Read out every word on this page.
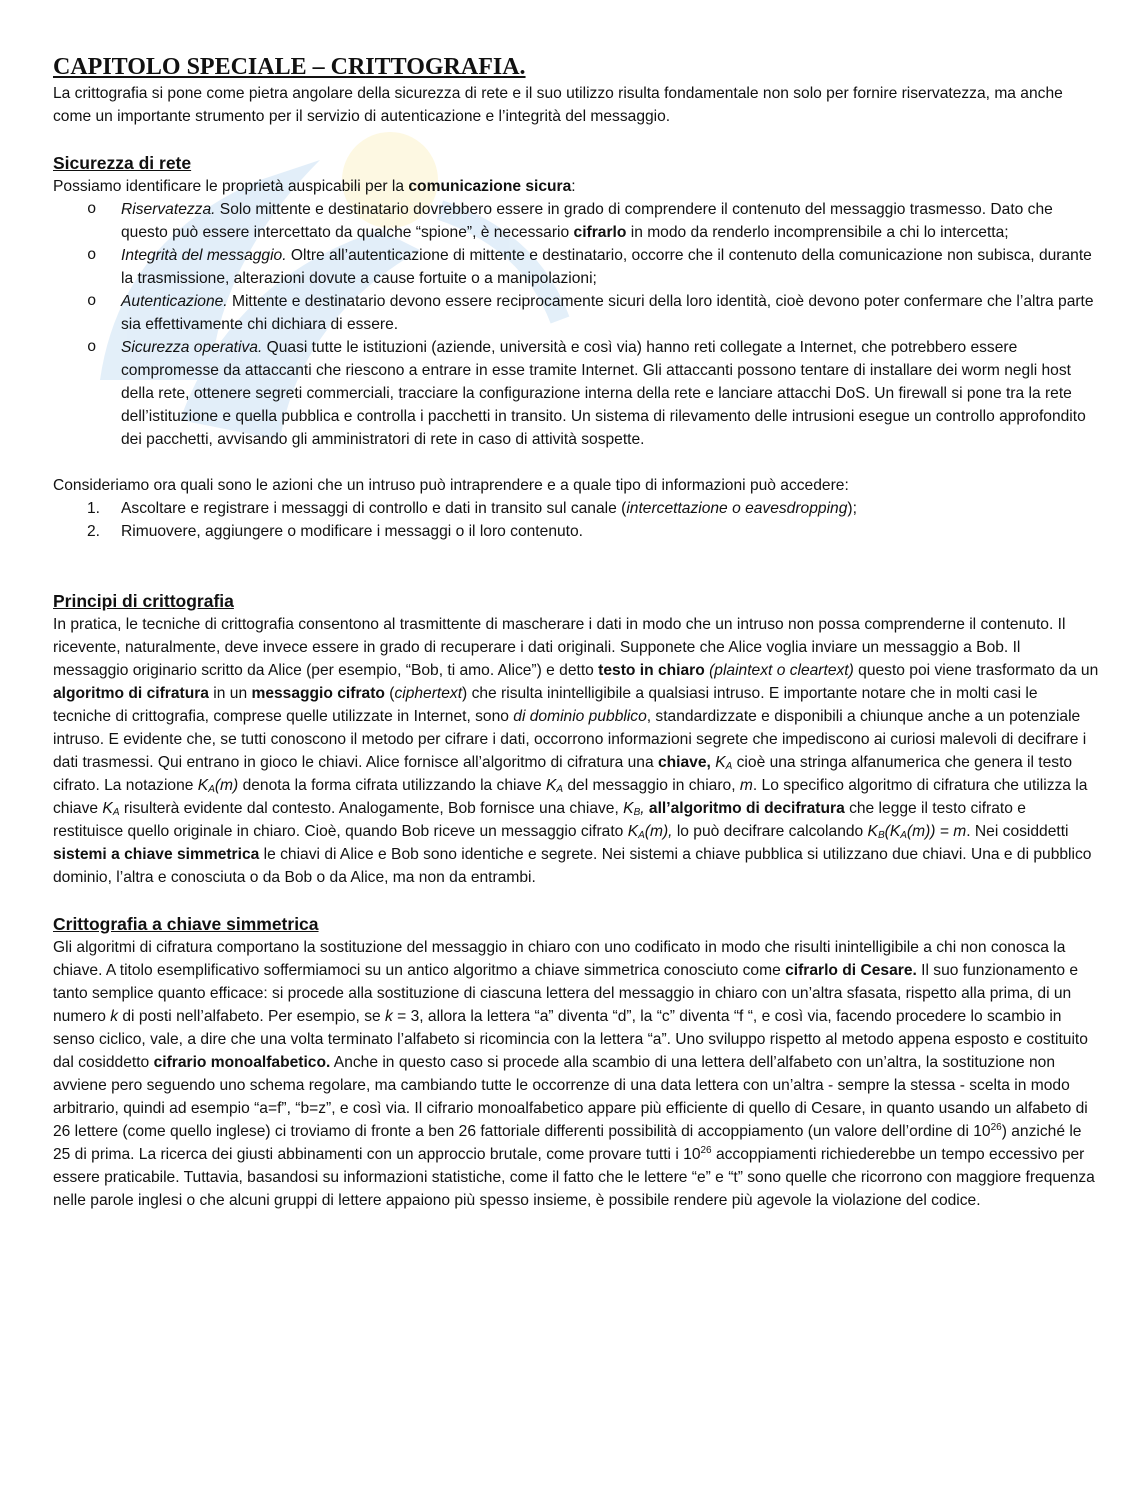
CAPITOLO SPECIALE – CRITTOGRAFIA.

La crittografia si pone come pietra angolare della sicurezza di rete e il suo utilizzo risulta fondamentale non solo per fornire riservatezza, ma anche come un importante strumento per il servizio di autenticazione e l’integrità del messaggio.

Sicurezza di rete

Possiamo identificare le proprietà auspicabili per la comunicazione sicura:

o Riservatezza. Solo mittente e destinatario dovrebbero essere in grado di comprendere il contenuto del messaggio trasmesso. Dato che questo può essere intercettato da qualche “spione”, è necessario cifrarlo in modo da renderlo incomprensibile a chi lo intercetta;
o Integrità del messaggio. Oltre all’autenticazione di mittente e destinatario, occorre che il contenuto della comunicazione non subisca, durante la trasmissione, alterazioni dovute a cause fortuite o a manipolazioni;
o Autenticazione. Mittente e destinatario devono essere reciprocamente sicuri della loro identità, cioè devono poter confermare che l’altra parte sia effettivamente chi dichiara di essere.
o Sicurezza operativa. Quasi tutte le istituzioni (aziende, università e così via) hanno reti collegate a Internet, che potrebbero essere compromesse da attaccanti che riescono a entrare in esse tramite Internet. Gli attaccanti possono tentare di installare dei worm negli host della rete, ottenere segreti commerciali, tracciare la configurazione interna della rete e lanciare attacchi DoS. Un firewall si pone tra la rete dell’istituzione e quella pubblica e controlla i pacchetti in transito. Un sistema di rilevamento delle intrusioni esegue un controllo approfondito dei pacchetti, avvisando gli amministratori di rete in caso di attività sospette.

Consideriamo ora quali sono le azioni che un intruso può intraprendere e a quale tipo di informazioni può accedere:

1. Ascoltare e registrare i messaggi di controllo e dati in transito sul canale (intercettazione o eavesdropping);
2. Rimuovere, aggiungere o modificare i messaggi o il loro contenuto.
Principi di crittografia

In pratica, le tecniche di crittografia consentono al trasmittente di mascherare i dati in modo che un intruso non possa comprenderne il contenuto. Il ricevente, naturalmente, deve invece essere in grado di recuperare i dati originali. Supponete che Alice voglia inviare un messaggio a Bob. Il messaggio originario scritto da Alice (per esempio, “Bob, ti amo. Alice”) e detto testo in chiaro (plaintext o cleartext) questo poi viene trasformato da un algoritmo di cifratura in un messaggio cifrato (ciphertext) che risulta inintelligibile a qualsiasi intruso. E importante notare che in molti casi le tecniche di crittografia, comprese quelle utilizzate in Internet, sono di dominio pubblico, standardizzate e disponibili a chiunque anche a un potenziale intruso. E evidente che, se tutti conoscono il metodo per cifrare i dati, occorrono informazioni segrete che impediscono ai curiosi malevoli di decifrare i dati trasmessi. Qui entrano in gioco le chiavi. Alice fornisce all’algoritmo di cifratura una chiave, $K_A$ cioè una stringa alfanumerica che genera il testo cifrato. La notazione $K_A(m)$ denota la forma cifrata utilizzando la chiave $K_A$ del messaggio in chiaro, m. Lo specifico algoritmo di cifratura che utilizza la chiave $K_A$ risulterà evidente dal contesto. Analogamente, Bob fornisce una chiave, $K_B$, all’algoritmo di decifratura che legge il testo cifrato e restituisce quello originale in chiaro. Cioè, quando Bob riceve un messaggio cifrato $K_A(m)$, lo può decifrare calcolando $K_B(K_A(m)) = m$. Nei cosiddetti sistemi a chiave simmetrica le chiavi di Alice e Bob sono identiche e segrete. Nei sistemi a chiave pubblica si utilizzano due chiavi. Una e di pubblico dominio, l’altra e conosciuta o da Bob o da Alice, ma non da entrambi.

Crittografia a chiave simmetrica

Gli algoritmi di cifratura comportano la sostituzione del messaggio in chiaro con uno codificato in modo che risulti inintelligibile a chi non conosca la chiave. A titolo esemplificativo soffermiamoci su un antico algoritmo a chiave simmetrica conosciuto come cifrarlo di Cesare. Il suo funzionamento e tanto semplice quanto efficace: si procede alla sostituzione di ciascuna lettera del messaggio in chiaro con un’altra sfasata, rispetto alla prima, di un numero k di posti nell’alfabeto. Per esempio, se k = 3, allora la lettera “a” diventa “d”, la “c” diventa “f “, e così via, facendo procedere lo scambio in senso ciclico, vale, a dire che una volta terminato l’alfabeto si ricomincia con la lettera “a”. Uno sviluppo rispetto al metodo appena esposto e costituito dal cosiddetto cifrario monoalfabetico. Anche in questo caso si procede alla scambio di una lettera dell’alfabeto con un’altra, la sostituzione non avviene pero seguendo uno schema regolare, ma cambiando tutte le occorrenze di una data lettera con un’altra - sempre la stessa - scelta in modo arbitrario, quindi ad esempio “a=f”, “b=z”, e così via. Il cifrario monoalfabetico appare più efficiente di quello di Cesare, in quanto usando un alfabeto di 26 lettere (come quello inglese) ci troviamo di fronte a ben 26 fattoriale differenti possibilità di accoppiamento (un valore dell’ordine di $10^{26}$) anziché le 25 di prima. La ricerca dei giusti abbinamenti con un approccio brutale, come provare tutti i $10^{26}$ accoppiamenti richiederebbe un tempo eccessivo per essere praticabile. Tuttavia, basandosi su informazioni statistiche, come il fatto che le lettere “e” e “t” sono quelle che ricorrono con maggiore frequenza nelle parole inglesi o che alcuni gruppi di lettere appaiono più spesso insieme, è possibile rendere più agevole la violazione del codice.
